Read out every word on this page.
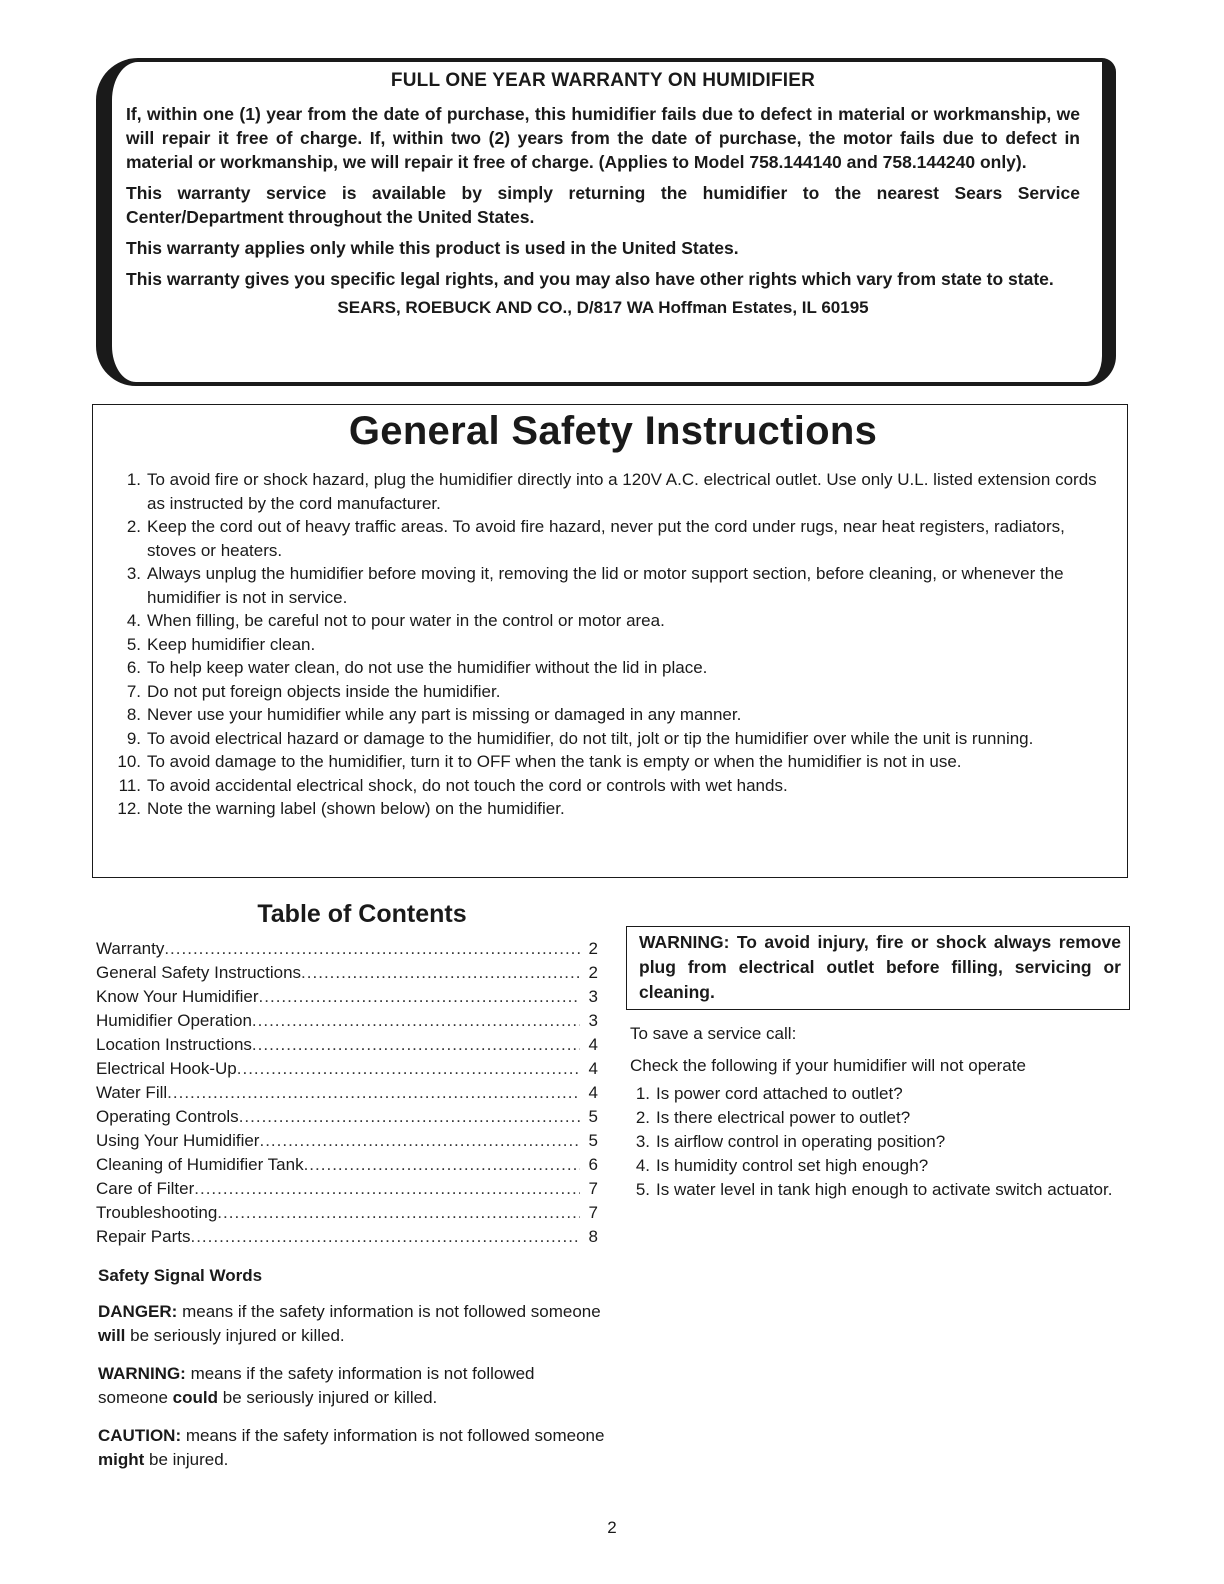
FULL ONE YEAR WARRANTY ON HUMIDIFIER

If, within one (1) year from the date of purchase, this humidifier fails due to defect in material or workmanship, we will repair it free of charge. If, within two (2) years from the date of purchase, the motor fails due to defect in material or workmanship, we will repair it free of charge. (Applies to Model 758.144140 and 758.144240 only).

This warranty service is available by simply returning the humidifier to the nearest Sears Service Center/Department throughout the United States.

This warranty applies only while this product is used in the United States.

This warranty gives you specific legal rights, and you may also have other rights which vary from state to state.

SEARS, ROEBUCK AND CO., D/817 WA Hoffman Estates, IL 60195
General Safety Instructions
1. To avoid fire or shock hazard, plug the humidifier directly into a 120V A.C. electrical outlet. Use only U.L. listed extension cords as instructed by the cord manufacturer.
2. Keep the cord out of heavy traffic areas. To avoid fire hazard, never put the cord under rugs, near heat registers, radiators, stoves or heaters.
3. Always unplug the humidifier before moving it, removing the lid or motor support section, before cleaning, or whenever the humidifier is not in service.
4. When filling, be careful not to pour water in the control or motor area.
5. Keep humidifier clean.
6. To help keep water clean, do not use the humidifier without the lid in place.
7. Do not put foreign objects inside the humidifier.
8. Never use your humidifier while any part is missing or damaged in any manner.
9. To avoid electrical hazard or damage to the humidifier, do not tilt, jolt or tip the humidifier over while the unit is running.
10. To avoid damage to the humidifier, turn it to OFF when the tank is empty or when the humidifier is not in use.
11. To avoid accidental electrical shock, do not touch the cord or controls with wet hands.
12. Note the warning label (shown below) on the humidifier.
Table of Contents
Warranty .....	2
General Safety Instructions .....	2
Know Your Humidifier .....	3
Humidifier Operation .....	3
Location Instructions .....	4
Electrical Hook-Up .....	4
Water Fill .....	4
Operating Controls .....	5
Using Your Humidifier .....	5
Cleaning of Humidifier Tank .....	6
Care of Filter .....	7
Troubleshooting .....	7
Repair Parts .....	8
Safety Signal Words

DANGER: means if the safety information is not followed someone will be seriously injured or killed.

WARNING: means if the safety information is not followed someone could be seriously injured or killed.

CAUTION: means if the safety information is not followed someone might be injured.

WARNING: To avoid injury, fire or shock always remove plug from electrical outlet before filling, servicing or cleaning.
To save a service call:
Check the following if your humidifier will not operate
1. Is power cord attached to outlet?
2. Is there electrical power to outlet?
3. Is airflow control in operating position?
4. Is humidity control set high enough?
5. Is water level in tank high enough to activate switch actuator.
2
